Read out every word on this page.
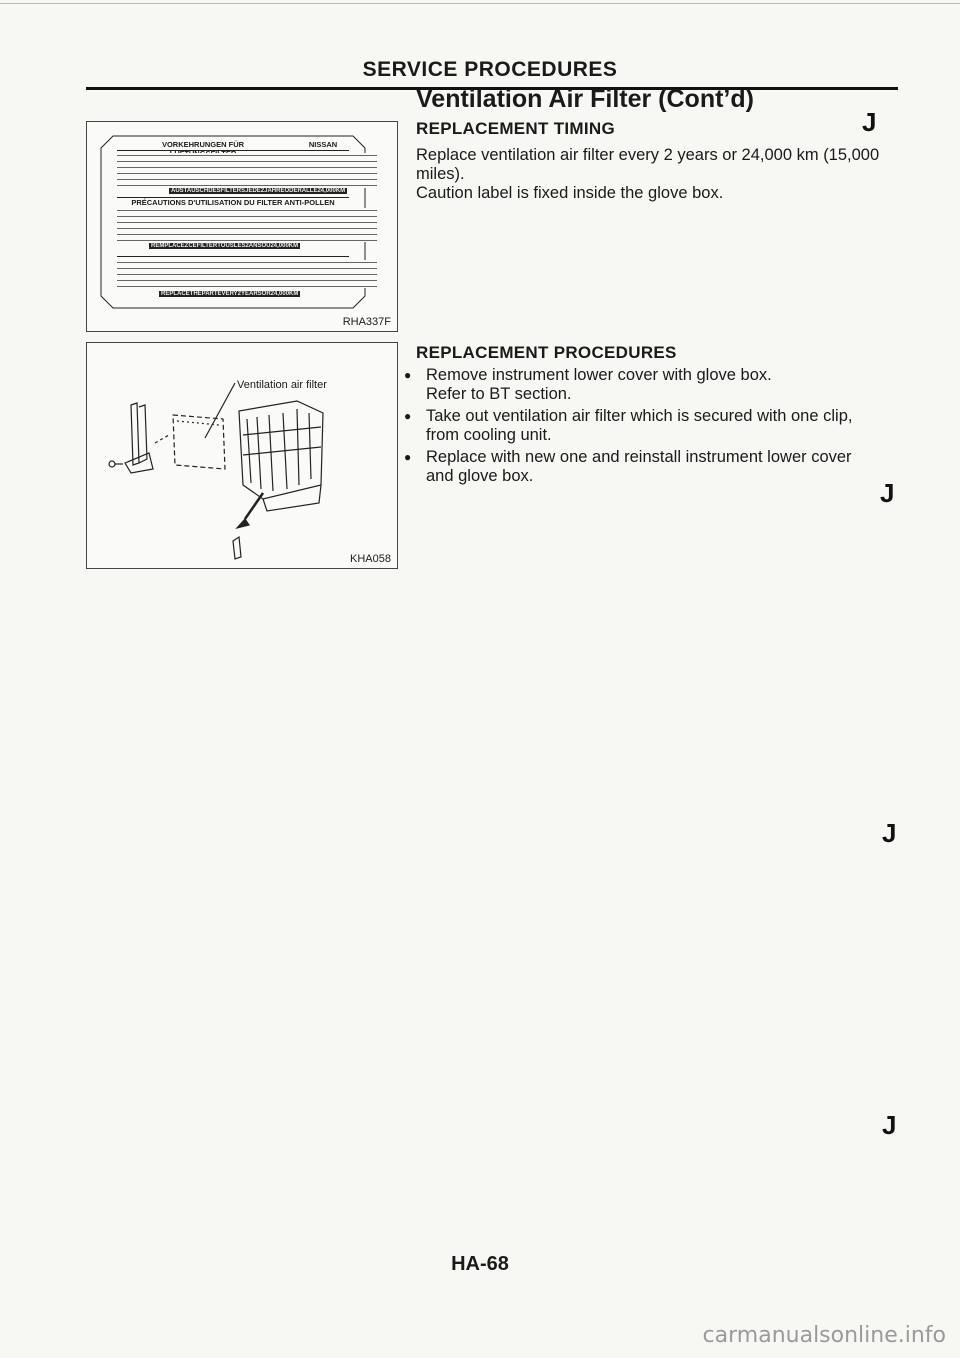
SERVICE PROCEDURES
Ventilation Air Filter (Cont’d)
VORKEHRUNGEN FÜR	NISSAN
AUSTAUSCHDESFILTERSJEDE2JAHREODERALLE24,000KM
PRÉCAUTIONS D'UTILISATION DU FILTER ANTI-POLLEN
REMPLACEZCEFILTERTOUSLES2ANSOU24,000KM
REPLACETHEPARTEVERY2YEARSOR24,000KM
RHA337F
Ventilation air filter
KHA058
REPLACEMENT TIMING	J
Replace ventilation air filter every 2 years or 24,000 km (15,000
miles).
Caution label is fixed inside the glove box.
REPLACEMENT PROCEDURES
● Remove instrument lower cover with glove box.
Refer to BT section.
● Take out ventilation air filter which is secured with one clip,
from cooling unit.
● Replace with new one and reinstall instrument lower cover
and glove box.
J
J
J
HA-68
carmanualsonline.info
